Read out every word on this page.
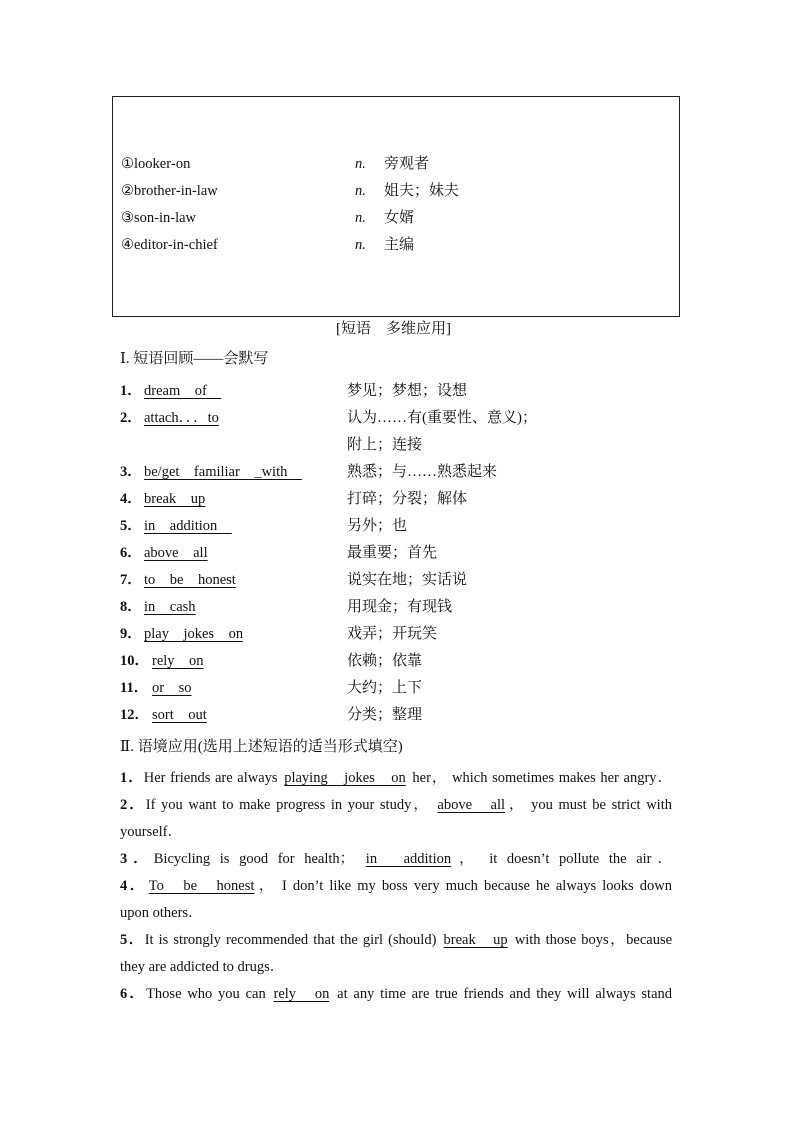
①looker‐on	n. 旁观者
②brother‐in‐law	n. 姐夫；妹夫
③son‐in‐law	n. 女婿
④editor‐in‐chief	n. 主编
[短语　多维应用]
Ⅰ. 短语回顾——会默写
1． dream　of　	梦见；梦想；设想
2． attach．．．to	认为……有(重要性、意义)；
附上；连接
3． be/get　familiar　_with　	熟悉；与……熟悉起来
4． break　up	打碎；分裂；解体
5． in　addition　	另外；也
6． above　all	最重要；首先
7． to　be　honest	说实在地；实话说
8． in　cash	用现金；有现钱
9． play　jokes　on	戏弄；开玩笑
10． rely　on	依赖；依靠
11． or　so	大约；上下
12． sort　out	分类；整理
Ⅱ. 语境应用(选用上述短语的适当形式填空)
1．Her friends are always playing　jokes　on her， which sometimes makes her angry．
2．If you want to make progress in your study， above　all ， you must be strict with
yourself．
3．Bicycling is good for health； in　addition ， it doesn’t pollute the air．
4． To　be　honest ， I don’t like my boss very much because he always looks down
upon others．
5．It is strongly recommended that the girl (should) break　up with those boys，because
they are addicted to drugs．
6．Those who you can rely　on at any time are true friends and they will always stand
